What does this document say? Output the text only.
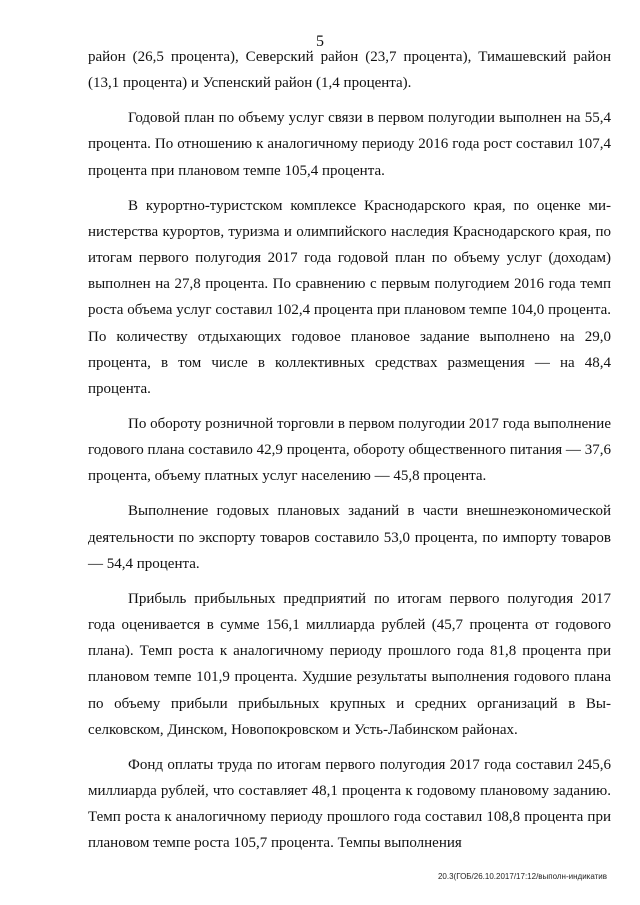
5

район (26,5 процента), Северский район (23,7 процента), Тимашевский район (13,1 процента) и Успенский район (1,4 процента).

Годовой план по объему услуг связи в первом полугодии выполнен на 55,4 процента. По отношению к аналогичному периоду 2016 года рост составил 107,4 процента при плановом темпе 105,4 процента.

В курортно-туристском комплексе Краснодарского края, по оценке министерства курортов, туризма и олимпийского наследия Краснодарского края, по итогам первого полугодия 2017 года годовой план по объему услуг (доходам) выполнен на 27,8 процента. По сравнению с первым полугодием 2016 года темп роста объема услуг составил 102,4 процента при плановом темпе 104,0 процента. По количеству отдыхающих годовое плановое задание выполнено на 29,0 процента, в том числе в коллективных средствах размещения — на 48,4 процента.

По обороту розничной торговли в первом полугодии 2017 года выполнение годового плана составило 42,9 процента, обороту общественного питания — 37,6 процента, объему платных услуг населению — 45,8 процента.

Выполнение годовых плановых заданий в части внешнеэкономической деятельности по экспорту товаров составило 53,0 процента, по импорту товаров — 54,4 процента.

Прибыль прибыльных предприятий по итогам первого полугодия 2017 года оценивается в сумме 156,1 миллиарда рублей (45,7 процента от годового плана). Темп роста к аналогичному периоду прошлого года 81,8 процента при плановом темпе 101,9 процента. Худшие результаты выполнения годового плана по объему прибыли прибыльных крупных и средних организаций в Выселковском, Динском, Новопокровском и Усть-Лабинском районах.

Фонд оплаты труда по итогам первого полугодия 2017 года составил 245,6 миллиарда рублей, что составляет 48,1 процента к годовому плановому заданию. Темп роста к аналогичному периоду прошлого года составил 108,8 процента при плановом темпе роста 105,7 процента. Темпы выполнения

20.3(ГОБ/26.10.2017/17:12/выполн-индикатив
